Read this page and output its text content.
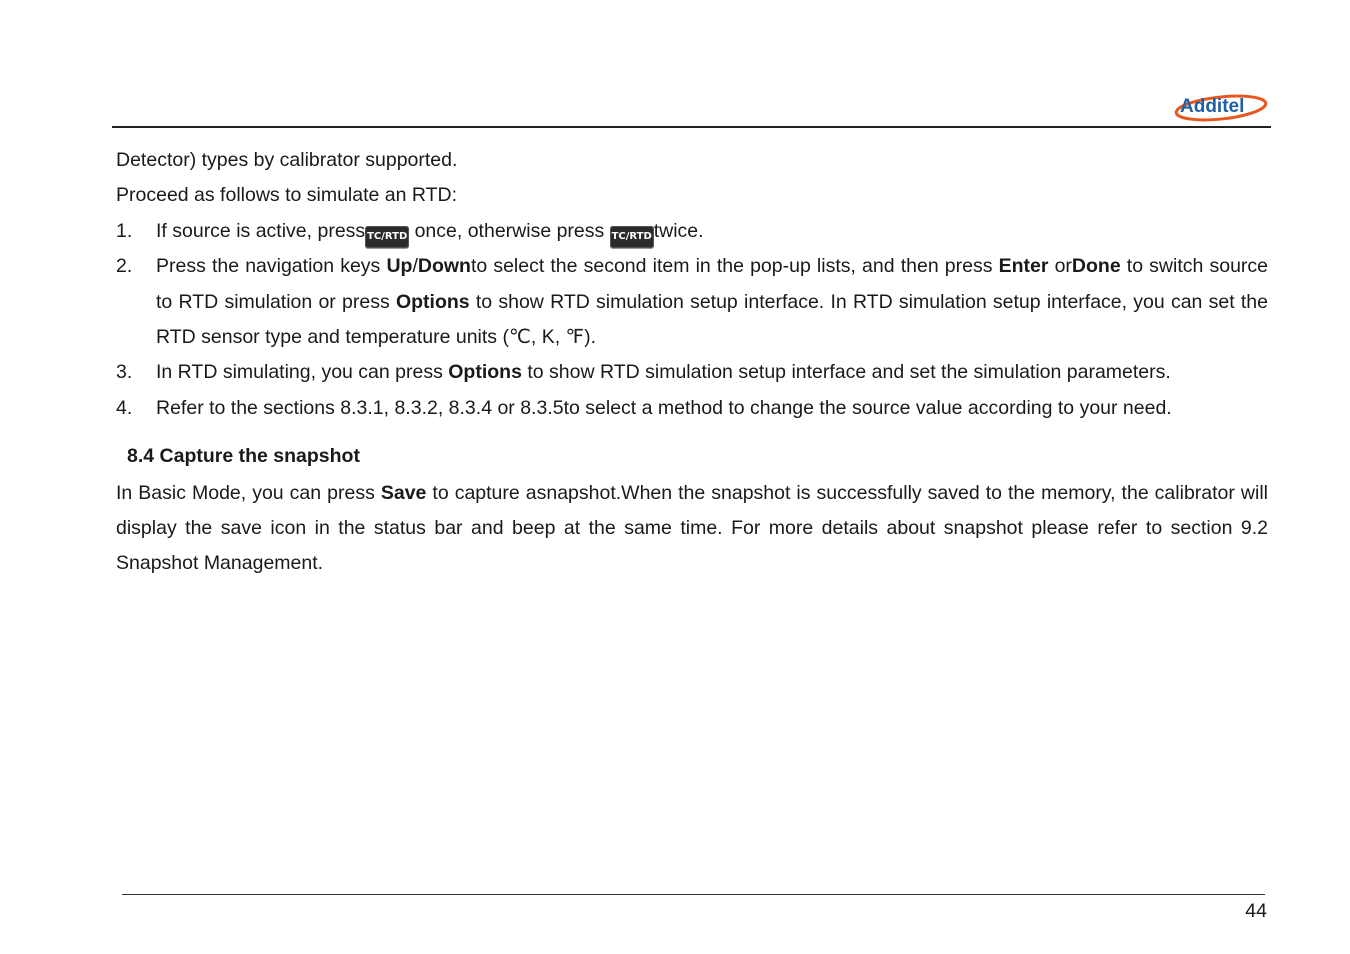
Additel

Detector) types by calibrator supported.

Proceed as follows to simulate an RTD:

1. If source is active, press TC/RTD once, otherwise press TC/RTDtwice.
2. Press the navigation keys Up/Downto select the second item in the pop-up lists, and then press Enter orDone to switch source to RTD simulation or press Options to show RTD simulation setup interface. In RTD simulation setup interface, you can set the RTD sensor type and temperature units (℃, K, ℉).
3. In RTD simulating, you can press Options to show RTD simulation setup interface and set the simulation parameters.
4. Refer to the sections 8.3.1, 8.3.2, 8.3.4 or 8.3.5to select a method to change the source value according to your need.
8.4 Capture the snapshot

In Basic Mode, you can press Save to capture asnapshot.When the snapshot is successfully saved to the memory, the calibrator will display the save icon in the status bar and beep at the same time. For more details about snapshot please refer to section 9.2 Snapshot Management.

44
